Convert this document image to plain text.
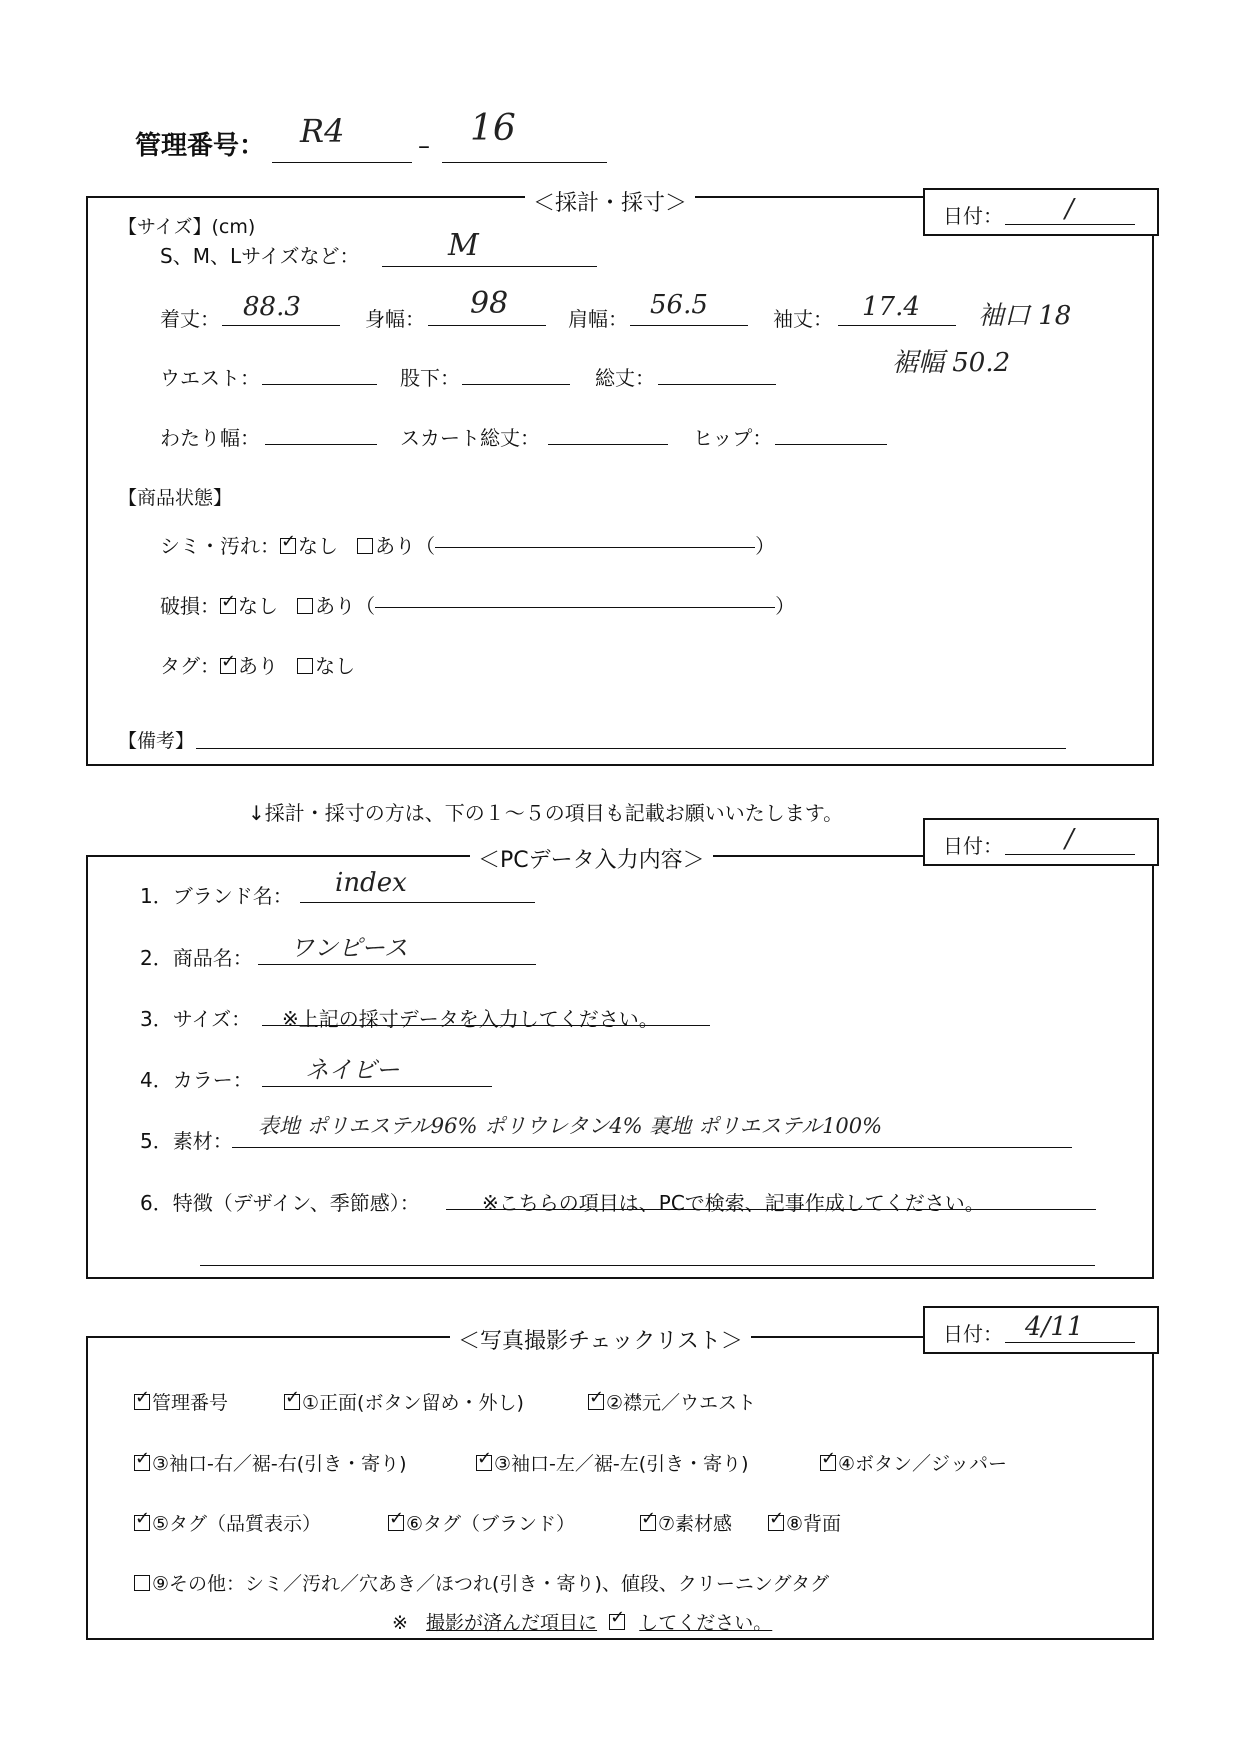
管理番号： R4	– 16
＜採計・採寸＞	日付： /
【サイズ】(cm)
S、M、Lサイズなど：	M
着丈： 88.3	身幅： 98	肩幅： 56.5	袖丈： 17.4 袖口 18
裾幅 50.2
ウエスト：	股下：	総丈：
わたり幅：	スカート総丈：	ヒップ：
【商品状態】
シミ・汚れ： ✓ なし あり（	）
破損： ✓ なし あり（	）
タグ： ✓ あり なし
【備考】
↓採計・採寸の方は、下の１～５の項目も記載お願いいたします。
＜PCデータ入力内容＞
日付： /
1．ブランド名： index
2．商品名： ワンピース
3．サイズ： ※上記の採寸データを入力してください。
4．カラー： ネイビー
5．素材：
表地 ポリエステル96% ポリウレタン4% 裏地 ポリエステル100%
6．特徴（デザイン、季節感）：	※こちらの項目は、PCで検索、記事作成してください。
＜写真撮影チェックリスト＞	日付： 4/11
✓管理番号 ✓	①正面(ボタン留め・外し) ✓	②襟元／ウエスト
✓③袖口-右／裾-右(引き・寄り) ✓	③袖口-左／裾-左(引き・寄り) ✓	④ボタン／ジッパー
✓⑤タグ（品質表示） ✓	⑥タグ（ブランド） ✓	⑦素材感 ✓	⑧背面
⑨その他：シミ／汚れ／穴あき／ほつれ(引き・寄り)、値段、クリーニングタグ
※ 撮影が済んだ項目に ✓ してください。
